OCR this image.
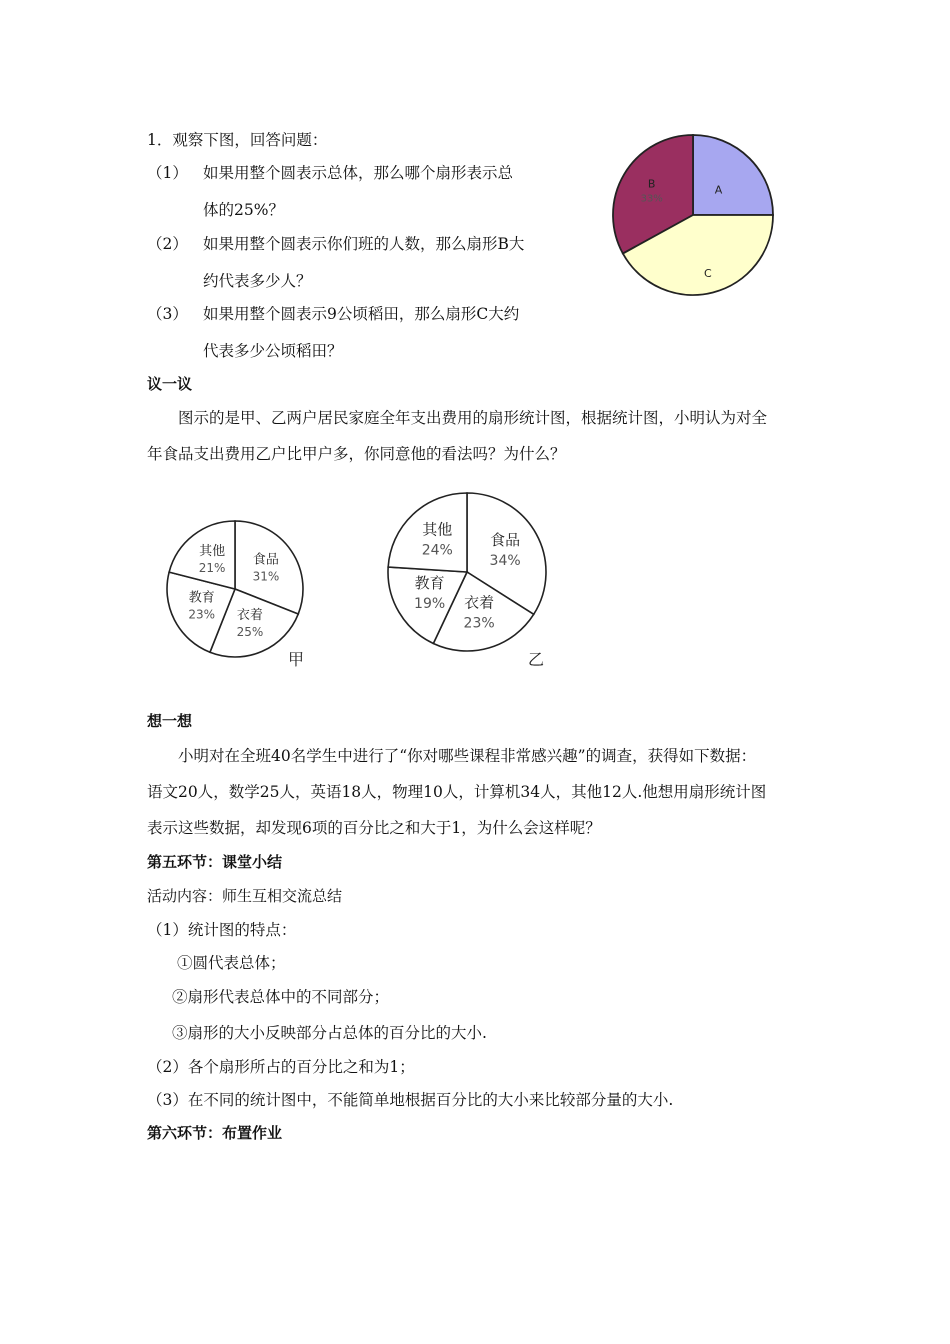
1．观察下图，回答问题：
（1） 如果用整个圆表示总体，那么哪个扇形表示总
体的25%？
（2） 如果用整个圆表示你们班的人数，那么扇形B大
约代表多少人？
（3） 如果用整个圆表示9公顷稻田，那么扇形C大约
代表多少公顷稻田？
A
B
33%
C
议一议
图示的是甲、乙两户居民家庭全年支出费用的扇形统计图，根据统计图，小明认为对全
年食品支出费用乙户比甲户多，你同意他的看法吗？为什么？
食品
31%
衣着
25%
教育
23%
其他
21%
甲
食品
34%
衣着
23%
教育
19%
其他
24%
乙
想一想
小明对在全班40名学生中进行了“你对哪些课程非常感兴趣”的调查，获得如下数据：
语文20人，数学25人，英语18人，物理10人，计算机34人，其他12人.他想用扇形统计图
表示这些数据，却发现6项的百分比之和大于1，为什么会这样呢？
第五环节：课堂小结
活动内容：师生互相交流总结
（1）统计图的特点：
①圆代表总体；
②扇形代表总体中的不同部分；
③扇形的大小反映部分占总体的百分比的大小.
（2）各个扇形所占的百分比之和为1；
（3）在不同的统计图中，不能简单地根据百分比的大小来比较部分量的大小.
第六环节：布置作业
